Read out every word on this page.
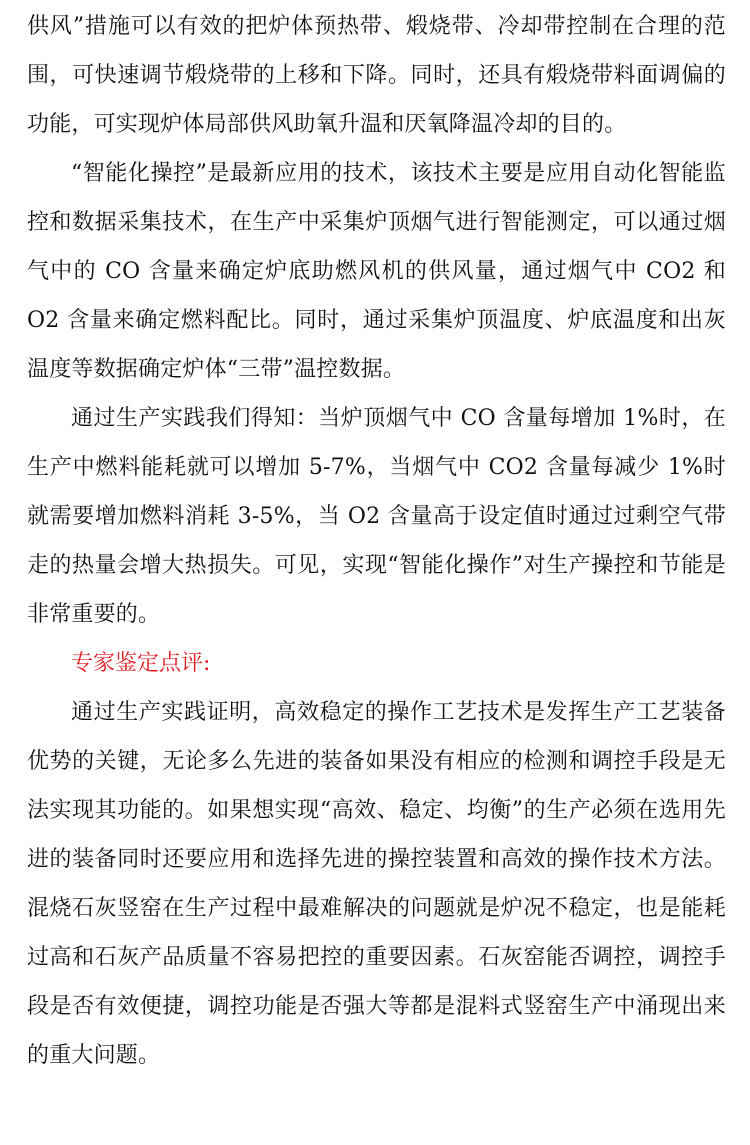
供风”措施可以有效的把炉体预热带、煅烧带、冷却带控制在合理的范围，可快速调节煅烧带的上移和下降。同时，还具有煅烧带料面调偏的功能，可实现炉体局部供风助氧升温和厌氧降温冷却的目的。

“智能化操控”是最新应用的技术，该技术主要是应用自动化智能监控和数据采集技术，在生产中采集炉顶烟气进行智能测定，可以通过烟气中的 CO 含量来确定炉底助燃风机的供风量，通过烟气中 CO2 和 O2 含量来确定燃料配比。同时，通过采集炉顶温度、炉底温度和出灰温度等数据确定炉体“三带”温控数据。

通过生产实践我们得知：当炉顶烟气中 CO 含量每增加 1%时，在生产中燃料能耗就可以增加 5-7%，当烟气中 CO2 含量每减少 1%时就需要增加燃料消耗 3-5%，当 O2 含量高于设定值时通过过剩空气带走的热量会增大热损失。可见，实现“智能化操作”对生产操控和节能是非常重要的。

专家鉴定点评:

通过生产实践证明，高效稳定的操作工艺技术是发挥生产工艺装备优势的关键，无论多么先进的装备如果没有相应的检测和调控手段是无法实现其功能的。如果想实现“高效、稳定、均衡”的生产必须在选用先进的装备同时还要应用和选择先进的操控装置和高效的操作技术方法。混烧石灰竖窑在生产过程中最难解决的问题就是炉况不稳定，也是能耗过高和石灰产品质量不容易把控的重要因素。石灰窑能否调控，调控手段是否有效便捷，调控功能是否强大等都是混料式竖窑生产中涌现出来的重大问题。
